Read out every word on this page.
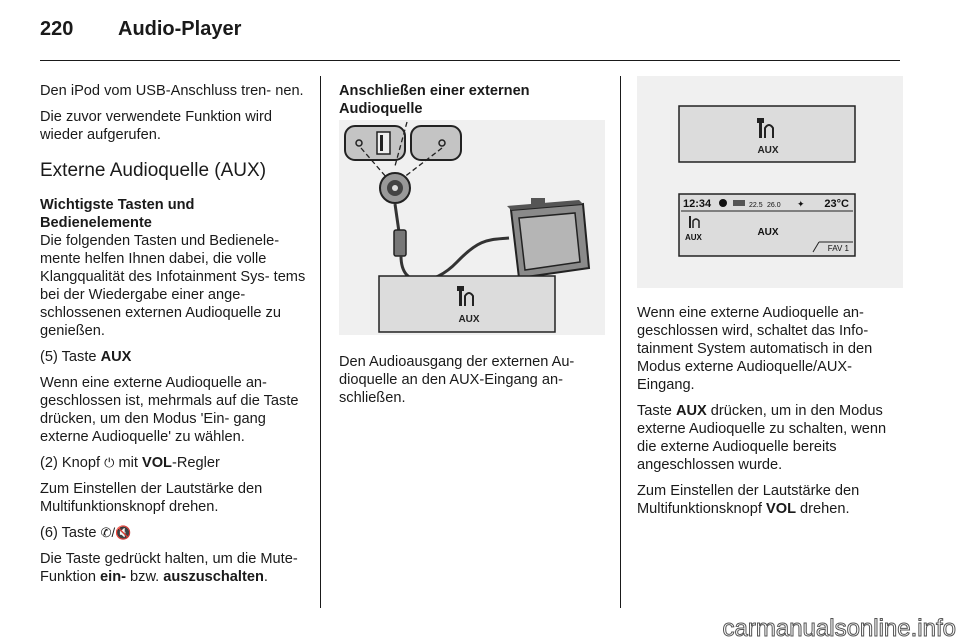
220 Audio-Player

Den iPod vom USB-Anschluss tren- nen.

Die zuvor verwendete Funktion wird wieder aufgerufen.

Externe Audioquelle (AUX)
Wichtigste Tasten und Bedienelemente

Die folgenden Tasten und Bedienele- mente helfen Ihnen dabei, die volle Klangqualität des Infotainment Sys- tems bei der Wiedergabe einer ange- schlossenen externen Audioquelle zu genießen.

(5) Taste AUX

Wenn eine externe Audioquelle an- geschlossen ist, mehrmals auf die Taste drücken, um den Modus 'Ein- gang externe Audioquelle' zu wählen.

(2) Knopf ⏻ mit VOL-Regler

Zum Einstellen der Lautstärke den Multifunktionsknopf drehen.

(6) Taste ✆/🔇

Die Taste gedrückt halten, um die Mute-Funktion ein- bzw. auszuschalten.

Anschließen einer externen Audioquelle
AUX

Den Audioausgang der externen Au- dioquelle an den AUX-Eingang an- schließen.

AUX
12:34	22.5 26.0 ✦ 23°C
AUX	AUX
FAV 1

Wenn eine externe Audioquelle an- geschlossen wird, schaltet das Info- tainment System automatisch in den Modus externe Audioquelle/AUX- Eingang.

Taste AUX drücken, um in den Modus externe Audioquelle zu schalten, wenn die externe Audioquelle bereits angeschlossen wurde.

Zum Einstellen der Lautstärke den Multifunktionsknopf VOL drehen.

carmanualsonline.info
